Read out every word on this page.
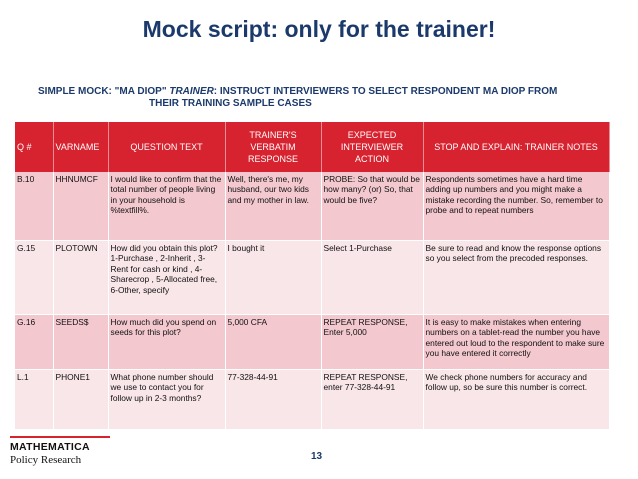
Mock script: only for the trainer!
SIMPLE MOCK: "MA DIOP" TRAINER: INSTRUCT INTERVIEWERS TO SELECT RESPONDENT MA DIOP FROM
THEIR TRAINING SAMPLE CASES
Q #	VARNAME	QUESTION TEXT	TRAINER'S VERBATIM RESPONSE	EXPECTED INTERVIEWER ACTION	STOP AND EXPLAIN: TRAINER NOTES
B.10	HHNUMCF	I would like to confirm that the total number of people living in your household is %textfill%.	Well, there's me, my husband, our two kids and my mother in law.	PROBE: So that would be how many? (or) So, that would be five?	Respondents sometimes have a hard time adding up numbers and you might make a mistake recording the number. So, remember to probe and to repeat numbers
G.15	PLOTOWN	How did you obtain this plot? 1-Purchase , 2-Inherit , 3-Rent for cash or kind , 4-Sharecrop , 5-Allocated free, 6-Other, specify	I bought it	Select 1-Purchase	Be sure to read and know the response options so you select from the precoded responses.
G.16	SEEDS$	How much did you spend on seeds for this plot?	5,000 CFA	REPEAT RESPONSE, Enter 5,000	It is easy to make mistakes when entering numbers on a tablet-read the number you have entered out loud to the respondent to make sure you have entered it correctly
L.1	PHONE1	What phone number should we use to contact you for follow up in 2-3 months?	77-328-44-91	REPEAT RESPONSE, enter 77-328-44-91	We check phone numbers for accuracy and follow up, so be sure this number is correct.
MATHEMATICA
Policy Research	13
